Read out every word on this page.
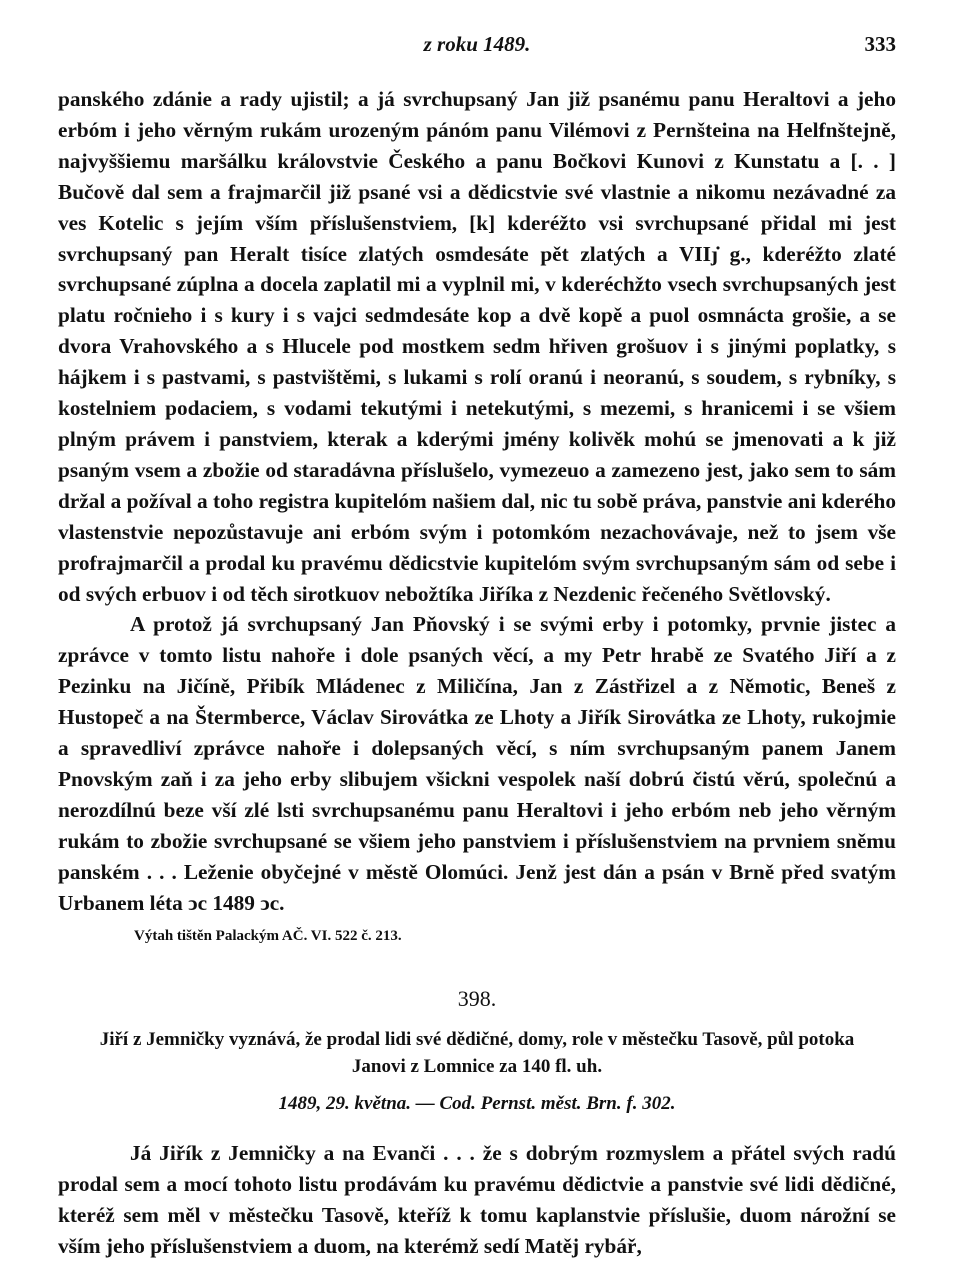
z roku 1489.	333

panského zdánie a rady ujistil; a já svrchupsaný Jan již psanému panu Heraltovi a jeho erbóm i jeho věrným rukám urozeným pánóm panu Vilémovi z Pernšteina na Helfnštejně, najvyššiemu maršálku královstvie Českého a panu Bočkovi Kunovi z Kunstatu a [. . ] Bučově dal sem a frajmarčil již psané vsi a dědicstvie své vlastnie a nikomu nezávadné za ves Kotelic s jejím vším příslušenstviem, [k] kderéžto vsi svrchupsané přidal mi jest svrchupsaný pan Heralt tisíce zlatých osmdesáte pět zlatých a VIIȷ̇ g., kderéžto zlaté svrchupsané zúplna a docela zaplatil mi a vyplnil mi, v kderéchžto vsech svrchupsaných jest platu ročnieho i s kury i s vajci sedmdesáte kop a dvě kopě a puol osmnácta grošie, a se dvora Vrahovského a s Hlucele pod mostkem sedm hřiven grošuov i s jinými poplatky, s hájkem i s pastvami, s pastvištěmi, s lukami s rolí oranú i neoranú, s soudem, s rybníky, s kostelniem podaciem, s vodami tekutými i netekutými, s mezemi, s hranicemi i se všiem plným právem i panstviem, kterak a kderými jmény kolivěk mohú se jmenovati a k již psaným vsem a zbožie od staradávna příslušelo, vymezeuo a zamezeno jest, jako sem to sám držal a požíval a toho registra kupitelóm našiem dal, nic tu sobě práva, panstvie ani kderého vlastenstvie nepozůstavuje ani erbóm svým i potomkóm nezachovávaje, než to jsem vše profrajmarčil a prodal ku pravému dědicstvie kupitelóm svým svrchupsaným sám od sebe i od svých erbuov i od těch sirotkuov nebožtíka Jiříka z Nezdenic řečeného Světlovský.

A protož já svrchupsaný Jan Pňovský i se svými erby i potomky, prvnie jistec a zprávce v tomto listu nahoře i dole psaných věcí, a my Petr hrabě ze Svatého Jiří a z Pezinku na Jičíně, Přibík Mládenec z Miličína, Jan z Zástřizel a z Němotic, Beneš z Hustopeč a na Štermberce, Václav Sirovátka ze Lhoty a Jiřík Sirovátka ze Lhoty, rukojmie a spravedliví zprávce nahoře i dolepsaných věcí, s ním svrchupsaným panem Janem Pnovským zaň i za jeho erby slibujem všickni vespolek naší dobrú čistú věrú, společnú a nerozdílnú beze vší zlé lsti svrchupsanému panu Heraltovi i jeho erbóm neb jeho věrným rukám to zbožie svrchupsané se všiem jeho panstviem i příslušenstviem na prvniem sněmu panském . . . Leženie obyčejné v městě Olomúci. Jenž jest dán a psán v Brně před svatým Urbanem léta ↄc 1489 ↄc.

Výtah tištěn Palackým AČ. VI. 522 č. 213.
398.
Jiří z Jemničky vyznává, že prodal lidi své dědičné, domy, role v městečku Tasově, půl potoka Janovi z Lomnice za 140 fl. uh.
1489, 29. května. — Cod. Pernst. měst. Brn. f. 302.

Já Jiřík z Jemničky a na Evanči . . . že s dobrým rozmyslem a přátel svých radú prodal sem a mocí tohoto listu prodávám ku pravému dědictvie a panstvie své lidi dědičné, kteréž sem měl v městečku Tasově, kteříž k tomu kaplanstvie příslušie, duom nárožní se vším jeho příslušenstviem a duom, na kterémž sedí Matěj rybář,
